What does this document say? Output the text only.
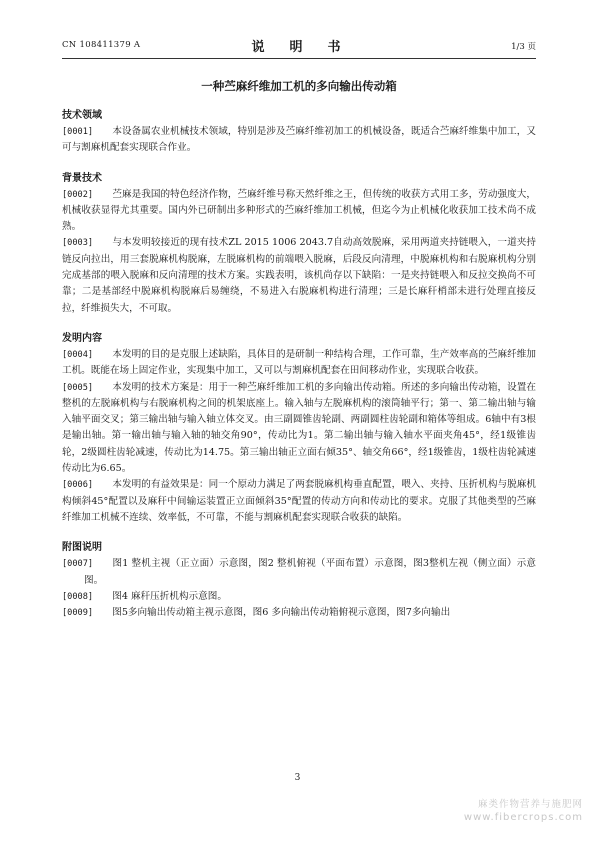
CN 108411379 A	说　明　书	1/3 页
一种苎麻纤维加工机的多向输出传动箱
技术领域

[0001] 　 本设备属农业机械技术领域，特别是涉及苎麻纤维初加工的机械设备，既适合苎麻纤维集中加工，又可与割麻机配套实现联合作业。

背景技术

[0002] 　 苎麻是我国的特色经济作物，苎麻纤维号称天然纤维之王，但传统的收获方式用工多，劳动强度大，机械收获显得尤其重要。国内外已研制出多种形式的苎麻纤维加工机械，但迄今为止机械化收获加工技术尚不成熟。

[0003] 　 与本发明较接近的现有技术ZL 2015 1006 2043.7自动高效脱麻，采用两道夹持链喂入，一道夹持链反向拉出，用三套脱麻机构脱麻，左脱麻机构的前端喂入脱麻，后段反向清理，中脱麻机构和右脱麻机构分别完成基部的喂入脱麻和反向清理的技术方案。实践表明，该机尚存以下缺陷：一是夹持链喂入和反拉交换尚不可靠；二是基部经中脱麻机构脱麻后易缠绕，不易进入右脱麻机构进行清理；三是长麻秆梢部未进行处理直接反拉，纤维损失大，不可取。

发明内容

[0004] 　 本发明的目的是克服上述缺陷，具体目的是研制一种结构合理，工作可靠，生产效率高的苎麻纤维加工机。既能在场上固定作业，实现集中加工，又可以与割麻机配套在田间移动作业，实现联合收获。

[0005] 　 本发明的技术方案是：用于一种苎麻纤维加工机的多向输出传动箱。所述的多向输出传动箱，设置在整机的左脱麻机构与右脱麻机构之间的机架底座上。输入轴与左脱麻机构的滚筒轴平行；第一、第二输出轴与输入轴平面交叉；第三输出轴与输入轴立体交叉。由三副圆锥齿轮副、两副圆柱齿轮副和箱体等组成。6轴中有3根是输出轴。第一输出轴与输入轴的轴交角90°，传动比为1。第二输出轴与输入轴水平面夹角45°，经1级锥齿轮，2级圆柱齿轮减速，传动比为14.75。第三输出轴正立面右倾35°、轴交角66°，经1级锥齿，1级柱齿轮减速传动比为6.65。

[0006] 　 本发明的有益效果是：同一个原动力满足了两套脱麻机构垂直配置，喂入、夹持、压折机构与脱麻机构倾斜45°配置以及麻秆中间输运装置正立面倾斜35°配置的传动方向和传动比的要求。克服了其他类型的苎麻纤维加工机械不连续、效率低，不可靠，不能与割麻机配套实现联合收获的缺陷。

附图说明

[0007] 　 图1 整机主视（正立面）示意图，图2 整机俯视（平面布置）示意图，图3整机左视（侧立面）示意图。

[0008] 　 图4 麻秆压折机构示意图。

[0009] 　 图5多向输出传动箱主视示意图，图6 多向输出传动箱俯视示意图，图7多向输出

3
麻类作物营养与施肥网
www.fibercrops.com
